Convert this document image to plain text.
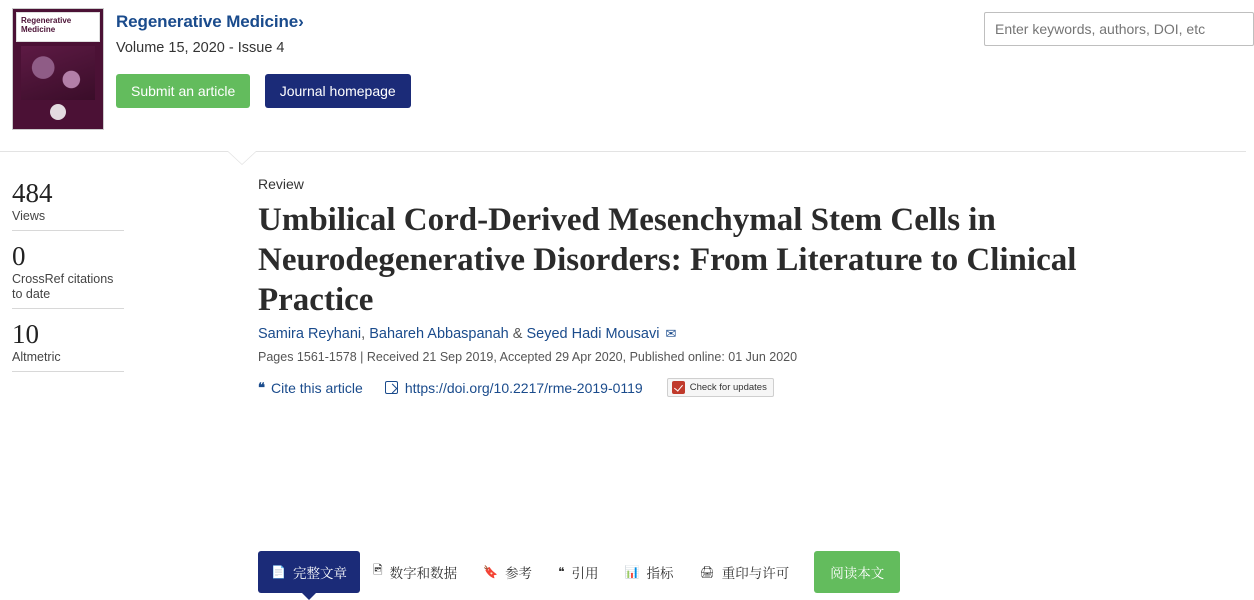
Regenerative Medicine	Regenerative Medicine›
Volume 15, 2020 - Issue 4
Submit an article	Journal homepage
Enter keywords, authors, DOI, etc
484
Views
0
CrossRef citations to date
10
Altmetric
Review
Umbilical Cord-Derived Mesenchymal Stem Cells in Neurodegenerative Disorders: From Literature to Clinical Practice
Samira Reyhani, Bahareh Abbaspanah & Seyed Hadi Mousavi ✉
Pages 1561-1578 | Received 21 Sep 2019, Accepted 29 Apr 2020, Published online: 01 Jun 2020
❝ Cite this article	https://doi.org/10.2217/rme-2019-0119	Check for updates
📄 完整文章 🖻 数字和数据 🔖 参考 ❝ 引用 📊 指标 🖨 重印与许可	阅读本文
